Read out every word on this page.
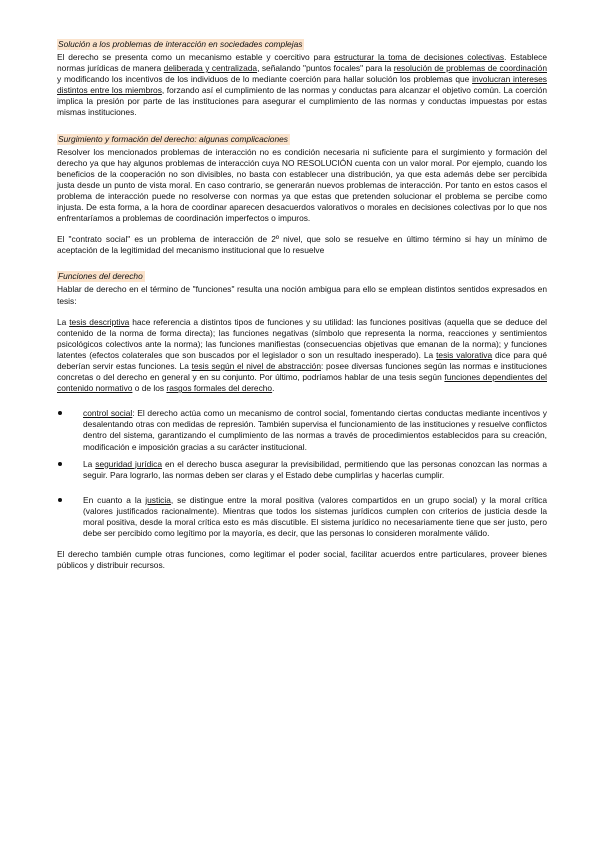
Solución a los problemas de interacción en sociedades complejas

El derecho se presenta como un mecanismo estable y coercitivo para estructurar la toma de decisiones colectivas. Establece normas jurídicas de manera deliberada y centralizada, señalando "puntos focales" para la resolución de problemas de coordinación y modificando los incentivos de los individuos de lo mediante coerción para hallar solución los problemas que involucran intereses distintos entre los miembros, forzando así el cumplimiento de las normas y conductas para alcanzar el objetivo común. La coerción implica la presión por parte de las instituciones para asegurar el cumplimiento de las normas y conductas impuestas por estas mismas instituciones.

Surgimiento y formación del derecho: algunas complicaciones

Resolver los mencionados problemas de interacción no es condición necesaria ni suficiente para el surgimiento y formación del derecho ya que hay algunos problemas de interacción cuya NO RESOLUCIÓN cuenta con un valor moral. Por ejemplo, cuando los beneficios de la cooperación no son divisibles, no basta con establecer una distribución, ya que esta además debe ser percibida justa desde un punto de vista moral. En caso contrario, se generarán nuevos problemas de interacción. Por tanto en estos casos el problema de interacción puede no resolverse con normas ya que estas que pretenden solucionar el problema se percibe como injusta. De esta forma, a la hora de coordinar aparecen desacuerdos valorativos o morales en decisiones colectivas por lo que nos enfrentaríamos a problemas de coordinación imperfectos o impuros.

El "contrato social" es un problema de interacción de 2º nivel, que solo se resuelve en último término si hay un mínimo de aceptación de la legitimidad del mecanismo institucional que lo resuelve

Funciones del derecho

Hablar de derecho en el término de "funciones" resulta una noción ambigua para ello se emplean distintos sentidos expresados en tesis:

La tesis descriptiva hace referencia a distintos tipos de funciones y su utilidad: las funciones positivas (aquella que se deduce del contenido de la norma de forma directa); las funciones negativas (símbolo que representa la norma, reacciones y sentimientos psicológicos colectivos ante la norma); las funciones manifiestas (consecuencias objetivas que emanan de la norma); y funciones latentes (efectos colaterales que son buscados por el legislador o son un resultado inesperado). La tesis valorativa dice para qué deberían servir estas funciones. La tesis según el nivel de abstracción: posee diversas funciones según las normas e instituciones concretas o del derecho en general y en su conjunto. Por último, podríamos hablar de una tesis según funciones dependientes del contenido normativo o de los rasgos formales del derecho.

control social: El derecho actúa como un mecanismo de control social, fomentando ciertas conductas mediante incentivos y desalentando otras con medidas de represión. También supervisa el funcionamiento de las instituciones y resuelve conflictos dentro del sistema, garantizando el cumplimiento de las normas a través de procedimientos establecidos para su creación, modificación e imposición gracias a su carácter institucional.

La seguridad jurídica en el derecho busca asegurar la previsibilidad, permitiendo que las personas conozcan las normas a seguir. Para lograrlo, las normas deben ser claras y el Estado debe cumplirlas y hacerlas cumplir.

En cuanto a la justicia, se distingue entre la moral positiva (valores compartidos en un grupo social) y la moral crítica (valores justificados racionalmente). Mientras que todos los sistemas jurídicos cumplen con criterios de justicia desde la moral positiva, desde la moral crítica esto es más discutible. El sistema jurídico no necesariamente tiene que ser justo, pero debe ser percibido como legítimo por la mayoría, es decir, que las personas lo consideren moralmente válido.

El derecho también cumple otras funciones, como legitimar el poder social, facilitar acuerdos entre particulares, proveer bienes públicos y distribuir recursos.
